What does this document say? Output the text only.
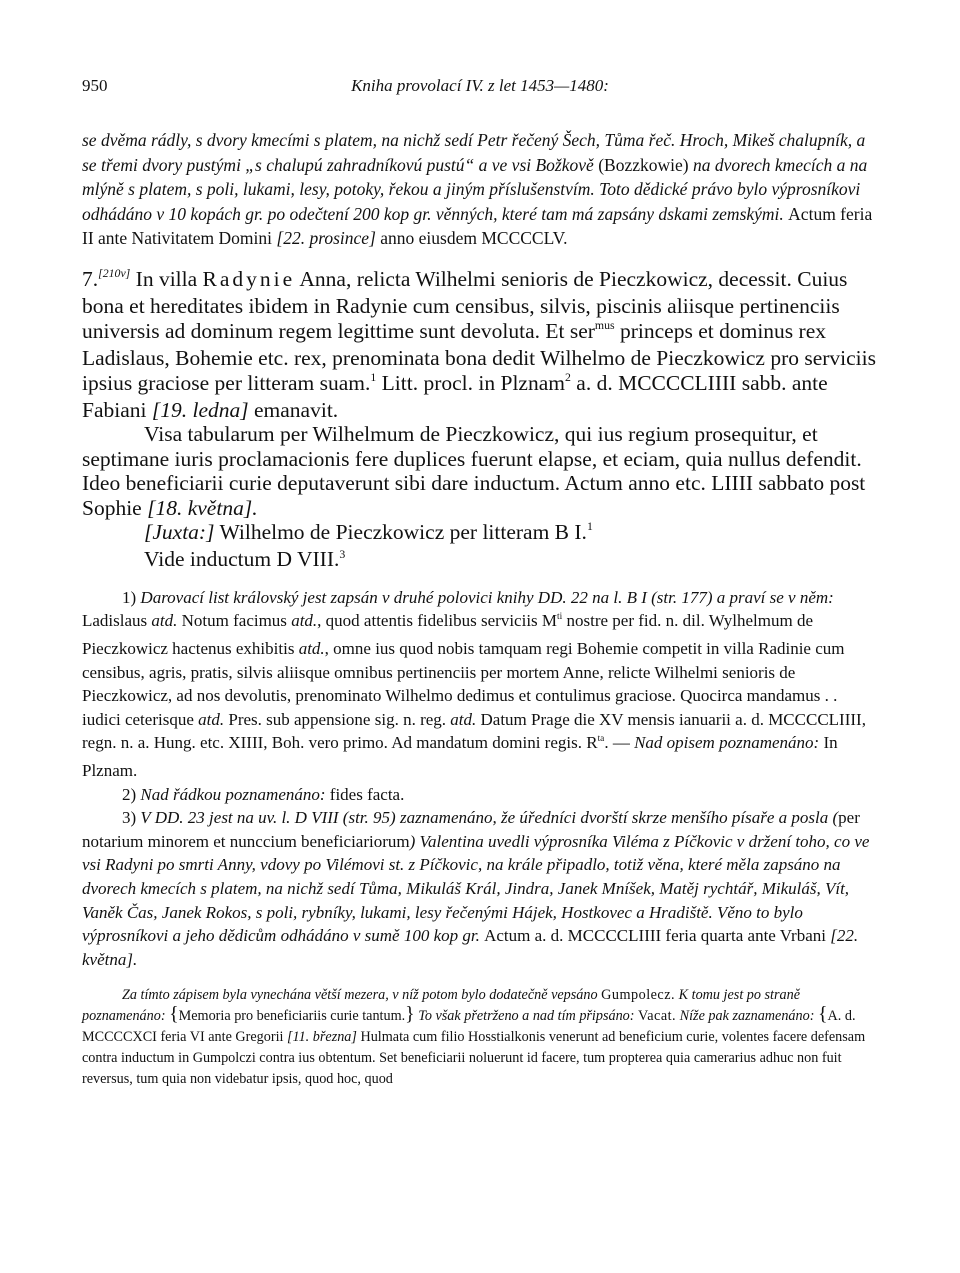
950	Kniha provolací IV. z let 1453—1480:
se dvěma rádly, s dvory kmecími s platem, na nichž sedí Petr řečený Šech, Tůma řeč. Hroch, Mikeš chalupník, a se třemi dvory pustými „s chalupú zahradníkovú pustú“ a ve vsi Božkově (Bozzkowie) na dvorech kmecích a na mlýně s platem, s poli, lukami, lesy, potoky, řekou a jiným příslušenstvím. Toto dědické právo bylo výprosníkovi odhádáno v 10 kopách gr. po odečtení 200 kop gr. věnných, které tam má zapsány dskami zemskými. Actum feria II ante Nativitatem Domini [22. prosince] anno eiusdem MCCCCLV.

7.[210v] In villa Radynie Anna, relicta Wilhelmi senioris de Pieczkowicz, decessit. Cuius bona et hereditates ibidem in Radynie cum censibus, silvis, piscinis aliisque pertinenciis universis ad dominum regem legittime sunt devoluta. Et ser$^{mus}$ princeps et dominus rex Ladislaus, Bohemie etc. rex, prenominata bona dedit Wilhelmo de Pieczkowicz pro serviciis ipsius graciose per litteram suam.$^1$ Litt. procl. in Plznam$^2$ a. d. MCCCCLIIII sabb. ante Fabiani [19. ledna] emanavit.

Visa tabularum per Wilhelmum de Pieczkowicz, qui ius regium prosequitur, et septimane iuris proclamacionis fere duplices fuerunt elapse, et eciam, quia nullus defendit. Ideo beneficiarii curie deputaverunt sibi dare inductum. Actum anno etc. LIIII sabbato post Sophie [18. května].

[Juxta:] Wilhelmo de Pieczkowicz per litteram B I.$^1$

Vide inductum D VIII.$^3$

1) Darovací list královský jest zapsán v druhé polovici knihy DD. 22 na l. B I (str. 177) a praví se v něm: Ladislaus atd. Notum facimus atd., quod attentis fidelibus serviciis $M^{ti}$ nostre per fid. n. dil. Wylhelmum de Pieczkowicz hactenus exhibitis atd., omne ius quod nobis tamquam regi Bohemie competit in villa Radinie cum censibus, agris, pratis, silvis aliisque omnibus pertinenciis per mortem Anne, relicte Wilhelmi senioris de Pieczkowicz, ad nos devolutis, prenominato Wilhelmo dedimus et contulimus graciose. Quocirca mandamus . . iudici ceterisque atd. Pres. sub appensione sig. n. reg. atd. Datum Prage die XV mensis ianuarii a. d. MCCCCLIIII, regn. n. a. Hung. etc. XIIII, Boh. vero primo. Ad mandatum domini regis. $R^{ta}$. — Nad opisem poznamenáno: In Plznam.

2) Nad řádkou poznamenáno: fides facta.

3) V DD. 23 jest na uv. l. D VIII (str. 95) zaznamenáno, že úředníci dvorští skrze menšího písaře a posla (per notarium minorem et nunccium beneficiariorum) Valentina uvedli výprosníka Viléma z Píčkovic v držení toho, co ve vsi Radyni po smrti Anny, vdovy po Vilémovi st. z Píčkovic, na krále připadlo, totiž věna, které měla zapsáno na dvorech kmecích s platem, na nichž sedí Tůma, Mikuláš Král, Jindra, Janek Mníšek, Matěj rychtář, Mikuláš, Vít, Vaněk Čas, Janek Rokos, s poli, rybníky, lukami, lesy řečenými Hájek, Hostkovec a Hradiště. Věno to bylo výprosníkovi a jeho dědicům odhádáno v sumě 100 kop gr. Actum a. d. MCCCCLIIII feria quarta ante Vrbani [22. května].

Za tímto zápisem byla vynechána větší mezera, v níž potom bylo dodatečně vepsáno Gumpolecz. K tomu jest po straně poznamenáno: {Memoria pro beneficiariis curie tantum.} To však přetrženo a nad tím připsáno: Vacat. Níže pak zaznamenáno: {A. d. MCCCCXCI feria VI ante Gregorii [11. března] Hulmata cum filio Hosstialkonis venerunt ad beneficium curie, volentes facere defensam contra inductum in Gumpolczi contra ius obtentum. Set beneficiarii noluerunt id facere, tum propterea quia camerarius adhuc non fuit reversus, tum quia non videbatur ipsis, quod hoc, quod
